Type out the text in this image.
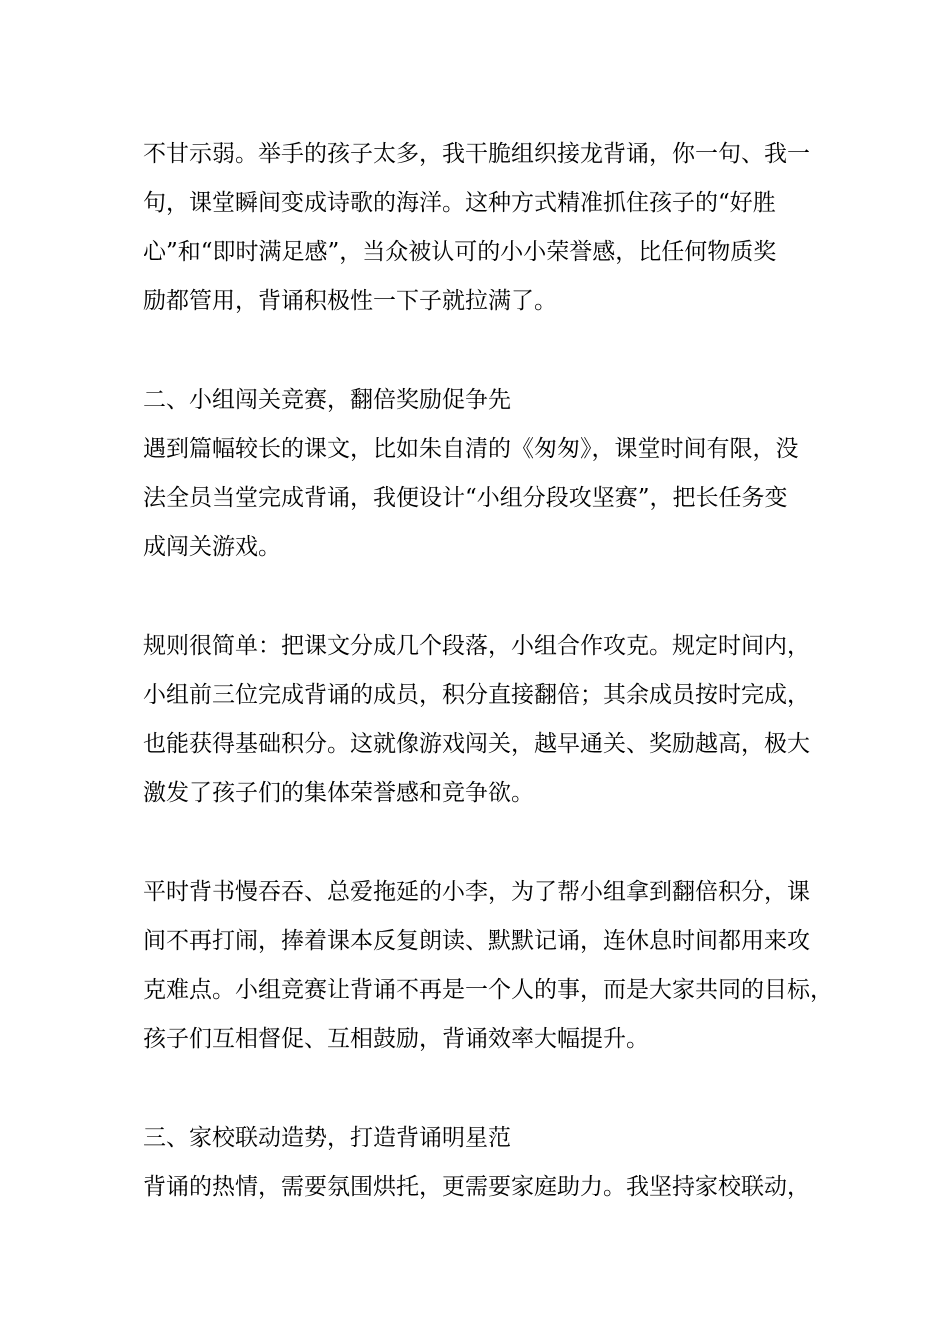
不甘示弱。举手的孩子太多，我干脆组织接龙背诵，你一句、我一
句，课堂瞬间变成诗歌的海洋。这种方式精准抓住孩子的“好胜
心”和“即时满足感”，当众被认可的小小荣誉感，比任何物质奖
励都管用，背诵积极性一下子就拉满了。
二、小组闯关竞赛，翻倍奖励促争先
遇到篇幅较长的课文，比如朱自清的《匆匆》，课堂时间有限，没
法全员当堂完成背诵，我便设计“小组分段攻坚赛”，把长任务变
成闯关游戏。
规则很简单：把课文分成几个段落，小组合作攻克。规定时间内，
小组前三位完成背诵的成员，积分直接翻倍；其余成员按时完成，
也能获得基础积分。这就像游戏闯关，越早通关、奖励越高，极大
激发了孩子们的集体荣誉感和竞争欲。
平时背书慢吞吞、总爱拖延的小李，为了帮小组拿到翻倍积分，课
间不再打闹，捧着课本反复朗读、默默记诵，连休息时间都用来攻
克难点。小组竞赛让背诵不再是一个人的事，而是大家共同的目标，
孩子们互相督促、互相鼓励，背诵效率大幅提升。
三、家校联动造势，打造背诵明星范
背诵的热情，需要氛围烘托，更需要家庭助力。我坚持家校联动，
